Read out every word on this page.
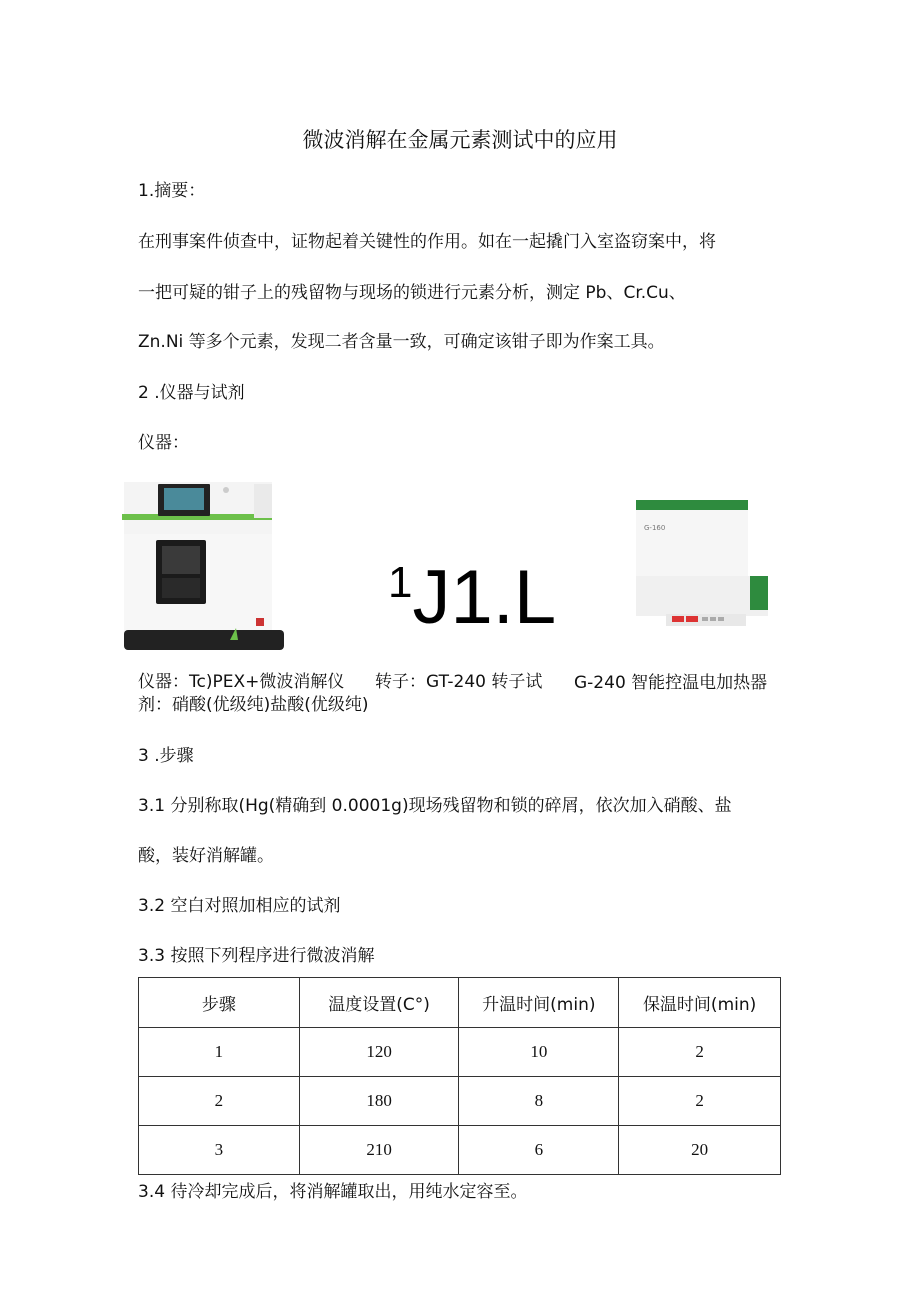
微波消解在金属元素测试中的应用
1.摘要：
在刑事案件侦查中，证物起着关键性的作用。如在一起撬门入室盗窃案中，将
一把可疑的钳子上的残留物与现场的锁进行元素分析，测定 Pb、Cr.Cu、
Zn.Ni 等多个元素，发现二者含量一致，可确定该钳子即为作案工具。
2 .仪器与试剂
仪器：
$^1$J1.L
G-160
仪器：Tc)PEX+微波消解仪 转子：GT-240 转子试 G-240 智能控温电加热器
剂：硝酸(优级纯)盐酸(优级纯)
3 .步骤
3.1 分别称取(Hg(精确到 0.0001g)现场残留物和锁的碎屑，依次加入硝酸、盐
酸，装好消解罐。
3.2 空白对照加相应的试剂
3.3 按照下列程序进行微波消解
步骤	温度设置(C°)	升温时间(min)	保温时间(min)
1	120	10	2
2	180	8	2
3	210	6	20
3.4 待冷却完成后，将消解罐取出，用纯水定容至。
